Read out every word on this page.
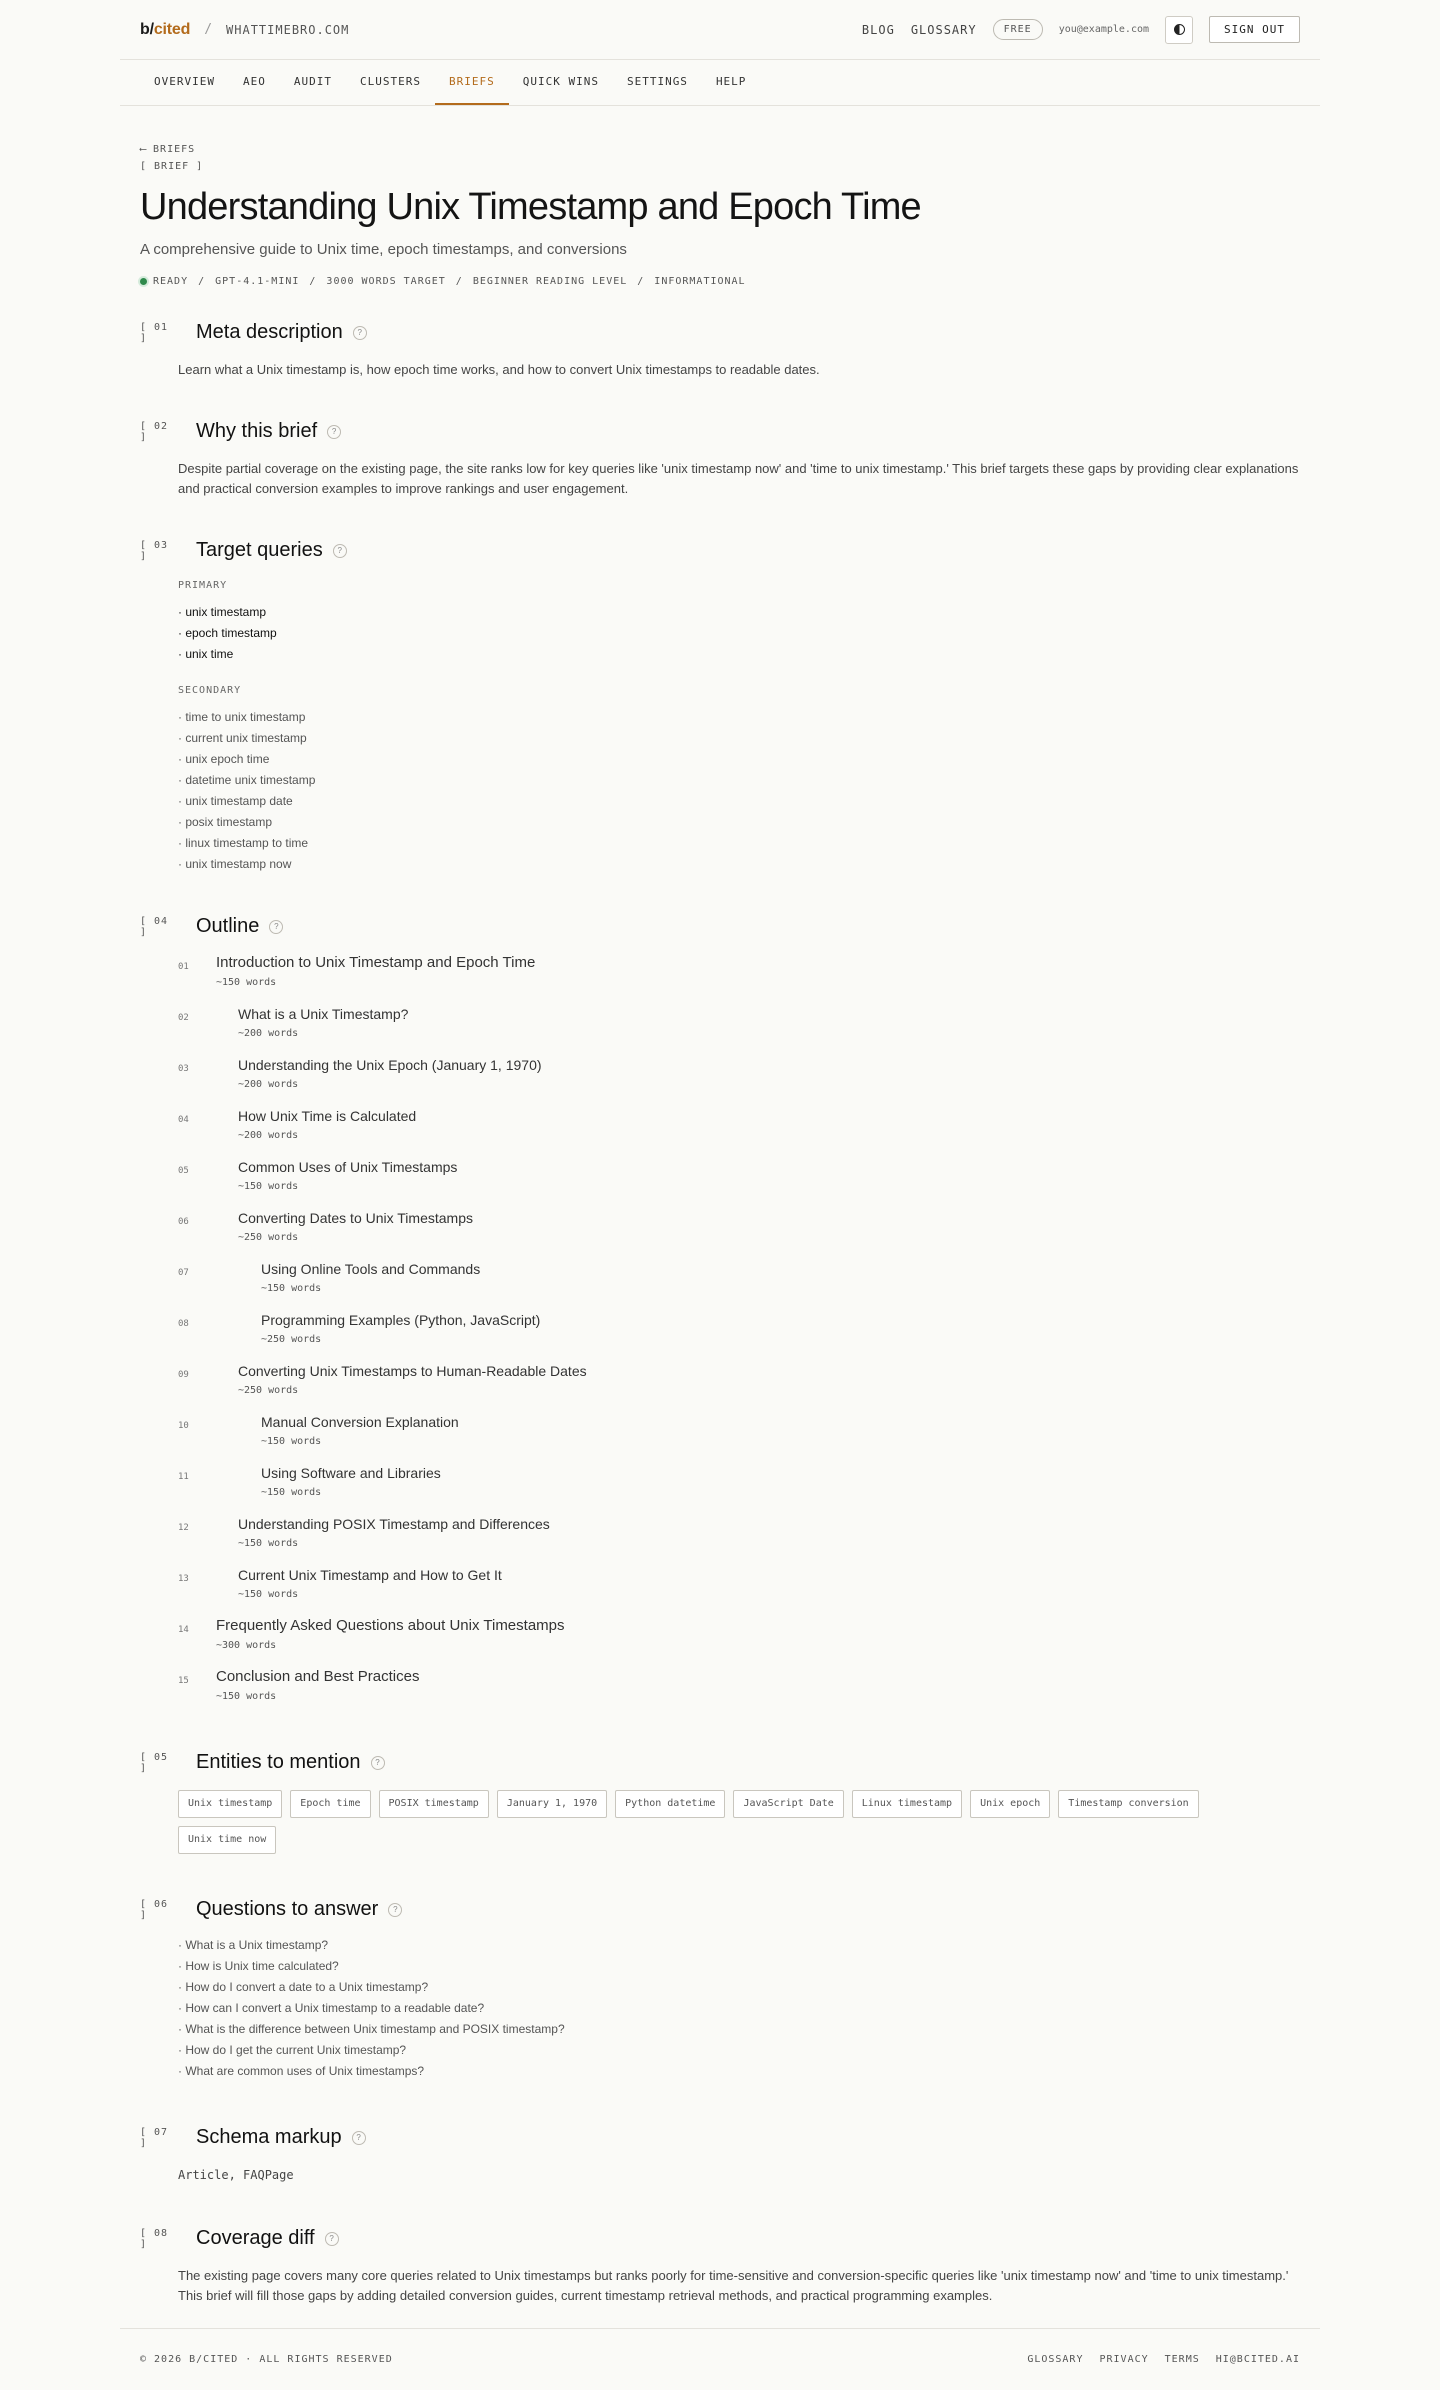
b/cited / WHATTIMEBRO.COM	BLOG GLOSSARY	FREE	you@example.com	SIGN OUT
OVERVIEW	AEO	AUDIT	CLUSTERS	BRIEFS	QUICK WINS	SETTINGS	HELP
⟵ BRIEFS
[ BRIEF ]
Understanding Unix Timestamp and Epoch Time

A comprehensive guide to Unix time, epoch timestamps, and conversions

READY / GPT-4.1-MINI / 3000 WORDS TARGET / BEGINNER READING LEVEL / INFORMATIONAL
[ 01 ]	Meta description	?

Learn what a Unix timestamp is, how epoch time works, and how to convert Unix timestamps to readable dates.

[ 02 ]	Why this brief	?

Despite partial coverage on the existing page, the site ranks low for key queries like 'unix timestamp now' and 'time to unix timestamp.' This brief targets these gaps by providing clear explanations and practical conversion examples to improve rankings and user engagement.

[ 03 ]	Target queries	?
PRIMARY
· unix timestamp
· epoch timestamp
· unix time
SECONDARY
· time to unix timestamp
· current unix timestamp
· unix epoch time
· datetime unix timestamp
· unix timestamp date
· posix timestamp
· linux timestamp to time
· unix timestamp now
[ 04 ]	Outline	?
01	Introduction to Unix Timestamp and Epoch Time
~150 words
02	What is a Unix Timestamp?
~200 words
03	Understanding the Unix Epoch (January 1, 1970)
~200 words
04	How Unix Time is Calculated
~200 words
05	Common Uses of Unix Timestamps
~150 words
06	Converting Dates to Unix Timestamps
~250 words
07	Using Online Tools and Commands
~150 words
08	Programming Examples (Python, JavaScript)
~250 words
09	Converting Unix Timestamps to Human-Readable Dates
~250 words
10	Manual Conversion Explanation
~150 words
11	Using Software and Libraries
~150 words
12	Understanding POSIX Timestamp and Differences
~150 words
13	Current Unix Timestamp and How to Get It
~150 words
14	Frequently Asked Questions about Unix Timestamps
~300 words
15	Conclusion and Best Practices
~150 words
[ 05 ]	Entities to mention	?
Unix timestamp	Epoch time	POSIX timestamp	January 1, 1970	Python datetime	JavaScript Date	Linux timestamp	Unix epoch	Timestamp conversion
Unix time now
[ 06 ]	Questions to answer	?
· What is a Unix timestamp?
· How is Unix time calculated?
· How do I convert a date to a Unix timestamp?
· How can I convert a Unix timestamp to a readable date?
· What is the difference between Unix timestamp and POSIX timestamp?
· How do I get the current Unix timestamp?
· What are common uses of Unix timestamps?
[ 07 ]	Schema markup	?

Article, FAQPage

[ 08 ]	Coverage diff	?

The existing page covers many core queries related to Unix timestamps but ranks poorly for time-sensitive and conversion-specific queries like 'unix timestamp now' and 'time to unix timestamp.' This brief will fill those gaps by adding detailed conversion guides, current timestamp retrieval methods, and practical programming examples.

© 2026 B/CITED · ALL RIGHTS RESERVED	GLOSSARY PRIVACY TERMS HI@BCITED.AI
